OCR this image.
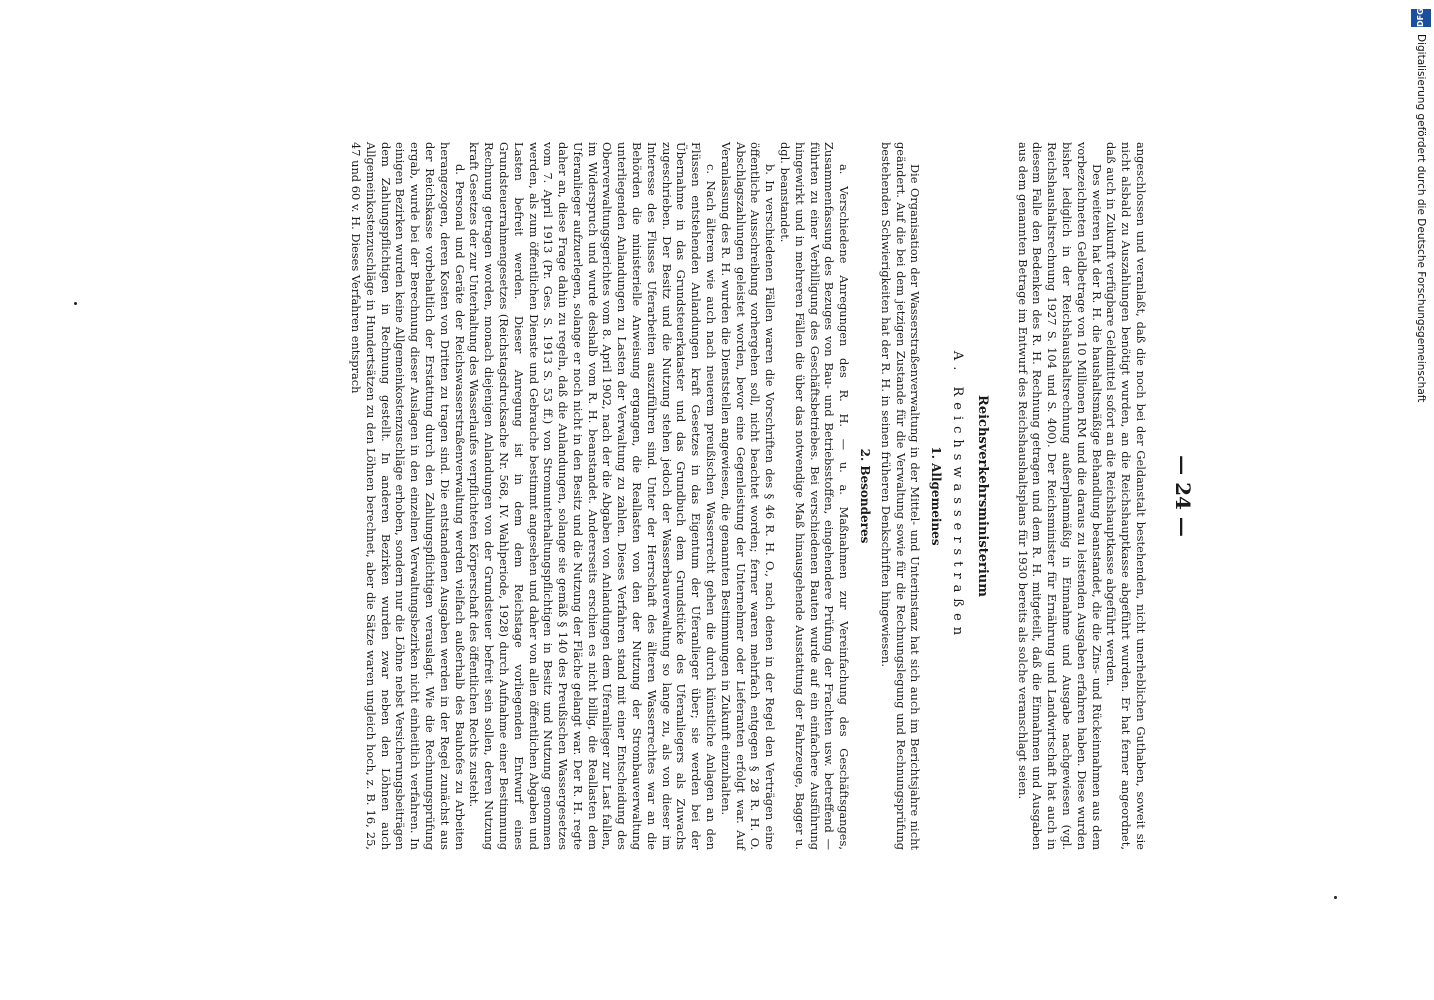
— 24 —

angeschlossen und veranlaßt, daß die noch bei der Geldanstalt bestehenden, nicht unerheblichen Guthaben, soweit sie nicht alsbald zu Auszahlungen benötigt wurden, an die Reichshauptkasse abgeführt wurden. Er hat ferner angeordnet, daß auch in Zukunft verfügbare Geldmittel sofort an die Reichshauptkasse abgeführt werden.

Des weiteren hat der R. H. die haushaltsmäßige Behandlung beanstandet, die die Zins- und Rückeinnahmen aus dem vorbezeichneten Geldbetrage von 10 Millionen RM und die daraus zu leistenden Ausgaben erfahren haben. Diese wurden bisher lediglich in der Reichshaushaltsrechnung außerplanmäßig in Einnahme und Ausgabe nachgewiesen (vgl. Reichshaushaltsrechnung 1927 S. 104 und S. 400). Der Reichsminister für Ernährung und Landwirtschaft hat auch in diesem Falle den Bedenken des R. H. Rechnung getragen und dem R. H. mitgeteilt, daß die Einnahmen und Ausgaben aus dem genannten Betrage im Entwurf des Reichshaushaltsplans für 1930 bereits als solche veranschlagt seien.

Reichsverkehrsministerium
A. Reichswasserstraßen
1. Allgemeines

Die Organisation der Wasserstraßenverwaltung in der Mittel- und Unterinstanz hat sich auch im Berichtsjahre nicht geändert. Auf die bei dem jetzigen Zustande für die Verwaltung sowie für die Rechnungslegung und Rechnungsprüfung bestehenden Schwierigkeiten hat der R. H. in seinen früheren Denkschriften hingewiesen.

2. Besonderes

a. Verschiedene Anregungen des R. H. — u. a. Maßnahmen zur Vereinfachung des Geschäftsganges, Zusammenfassung des Bezuges von Bau- und Betriebsstoffen, eingehendere Prüfung der Frachten usw. betreffend — führten zu einer Verbilligung des Geschäftsbetriebes. Bei verschiedenen Bauten wurde auf ein einfachere Ausführung hingewirkt und in mehreren Fällen die über das notwendige Maß hinausgehende Ausstattung der Fahrzeuge, Bagger u. dgl. beanstandet.

b. In verschiedenen Fällen waren die Vorschriften des § 46 R. H. O., nach denen in der Regel den Verträgen eine öffentliche Ausschreibung vorhergehen soll, nicht beachtet worden; ferner waren mehrfach entgegen § 28 R. H. O. Abschlagszahlungen geleistet worden, bevor eine Gegenleistung der Unternehmer oder Lieferanten erfolgt war. Auf Veranlassung des R. H. wurden die Dienststellen angewiesen, die genannten Bestimmungen in Zukunft einzuhalten.

c. Nach älterem wie auch nach neuerem preußischen Wasserrecht gehen die durch künstliche Anlagen an den Flüssen entstehenden Anlandungen kraft Gesetzes in das Eigentum der Uferanlieger über; sie werden bei der Übernahme in das Grundsteuerkataster und das Grundbuch dem Grundstücke des Uferanliegers als Zuwachs zugeschrieben. Der Besitz und die Nutzung stehen jedoch der Wasserbauverwaltung so lange zu, als von dieser im Interesse des Flusses Uferarbeiten auszuführen sind. Unter der Herrschaft des älteren Wasserrechtes war an die Behörden die ministerielle Anweisung ergangen, die Reallasten von den der Nutzung der Strombauverwaltung unterliegenden Anlandungen zu Lasten der Verwaltung zu zahlen. Dieses Verfahren stand mit einer Entscheidung des Oberverwaltungsgerichtes vom 8. April 1902, nach der die Abgaben von Anlandungen dem Uferanlieger zur Last fallen, im Widerspruch und wurde deshalb vom R. H. beanstandet. Andererseits erschien es nicht billig, die Reallasten dem Uferanlieger aufzuerlegen, solange er noch nicht in den Besitz und die Nutzung der Fläche gelangt war. Der R. H. regte daher an, diese Frage dahin zu regeln, daß die Anlandungen, solange sie gemäß § 140 des Preußischen Wassergesetzes vom 7. April 1913 (Pr. Ges. S. 1913 S. 53 ff.) von Stromunterhaltungspflichtigen in Besitz und Nutzung genommen werden, als zum öffentlichen Dienste und Gebrauche bestimmt angesehen und daher von allen öffentlichen Abgaben und Lasten befreit werden. Dieser Anregung ist in dem dem Reichstage vorliegenden Entwurf eines Grundsteuerrahmengesetzes (Reichstagsdrucksache Nr. 568, IV. Wahlperiode, 1928) durch Aufnahme einer Bestimmung Rechnung getragen worden, monach diejenigen Anlandungen von der Grundsteuer befreit sein sollen, deren Nutzung kraft Gesetzes der zur Unterhaltung des Wasserlaufes verpflichteten Körperschaft des öffentlichen Rechts zusteht.

d. Personal und Geräte der Reichswasserstraßenverwaltung werden vielfach außerhalb des Bauhofes zu Arbeiten herangezogen, deren Kosten von Dritten zu tragen sind. Die entstandenen Ausgaben werden in der Regel zunächst aus der Reichskasse vorbehaltlich der Erstattung durch den Zahlungspflichtigen verauslagt. Wie die Rechnungsprüfung ergab, wurde bei der Berechnung dieser Auslagen in den einzelnen Verwaltungsbezirken nicht einheitlich verfahren. In einigen Bezirken wurden keine Allgemeinkostenzuschläge erhoben, sondern nur die Löhne nebst Versicherungsbeiträgen dem Zahlungspflichtigen in Rechnung gestellt. In anderen Bezirken wurden zwar neben den Löhnen auch Allgemeinkostenzuschläge in Hundertsätzen zu den Löhnen berechnet, aber die Sätze waren ungleich hoch, z. B. 16, 25, 47 und 60 v. H. Dieses Verfahren entsprach

DFG
Digitalisierung gefördert durch die Deutsche Forschungsgemeinschaft
